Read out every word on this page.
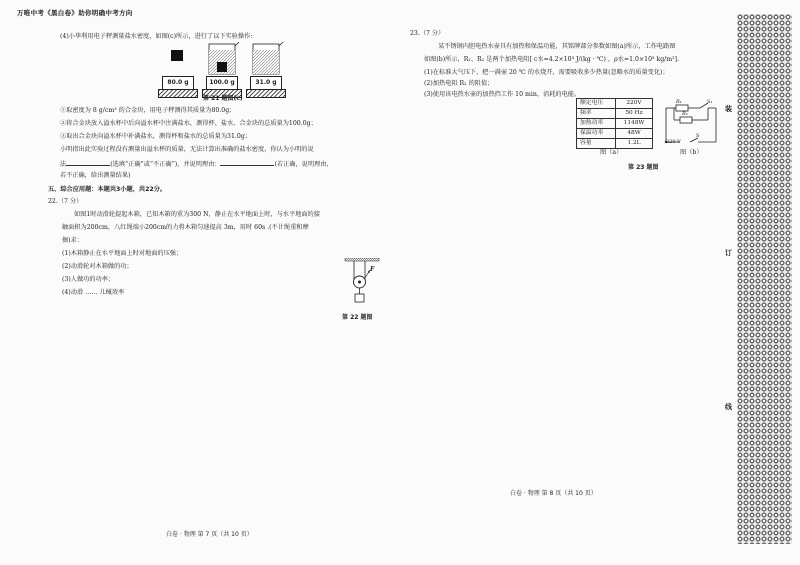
万唯中考《黑白卷》助你明确中考方向
(4)小华利用电子秤测量盐水密度，如图(c)所示，进行了以下实验操作:
80.0 g	100.0 g	31.0 g
第 21 题图(c)
①取密度为 8 g/cm³ 的合金块，用电子秤测得其质量为80.0g；
②将合金块放入溢水杯中后向溢水杯中注满盐水，测得杯、盐水、合金块的总质量为100.0g；
③取出合金块向溢水杯中补满盐水，测得杯和盐水的总质量为31.0g；
小明指出此实验过程没有测量出溢水杯的质量，无法计算出准确的盐水密度，你认为小明的说
法	(选填“正确”或“不正确”)，并说明理由：	(若正确，说明理由，
若不正确，给出测量结果)
五、综合应用题：本题共3小题，共22分。
22.（7 分）
如图1时动滑轮提起木箱，已知木箱的重为300 N，静止在水平地面上时，与水平地面的接
触面积为200cm，八红绳端小200cm的力将木箱匀速提高 3m，用时 60s .(不计绳重和摩
擦)求：
(1)木箱静止在水平地面上时对地面的压强；
(2)动滑轮对木箱做的功；
(3)人做功的功率；
(4)动滑 …… 儿械效率
F
第 22 题图
白卷 · 物理 第 7 页（共 10 页）
23.（7 分）
某不锈钢内胆电热水壶具有加热和保温功能，其铭牌部分参数如图(a)所示，工作电路图
如图(b)所示，R₁、R₂ 是两个加热电阻[ c水=4.2×10³ J/(kg · ℃) ，ρ水=1.0×10³ kg/m³].
(1)在标准大气压下，把一满壶 20 ℃ 的水烧开，需要吸收多少热量(忽略水的质量变化)；
(2)加热电阻 R₂ 的阻值；
(3)使用该电热水壶的加热挡工作 10 min，消耗的电能。
额定电压	220V
频率	50 Hz
加热功率	1148W
保温功率	48W
容量	1.2L
图（a）
R₁
R₂
S₁
S
220 V
图（b）
第 23 题图
白卷 · 物理 第 8 页（共 10 页）
装
订
线
